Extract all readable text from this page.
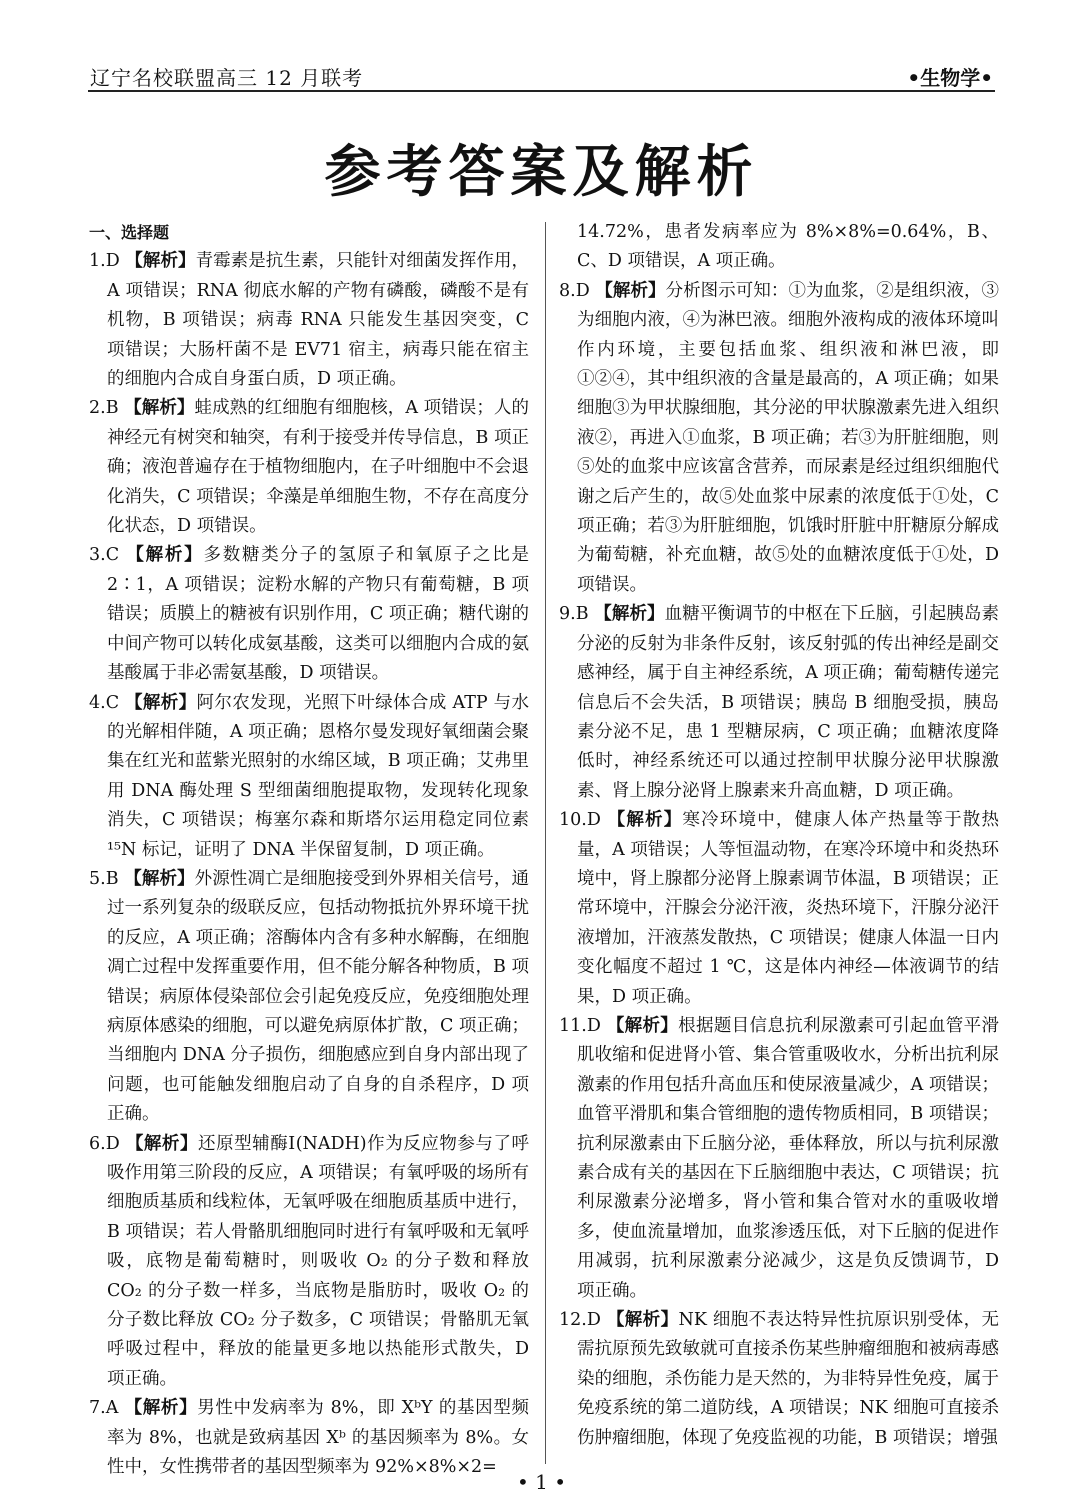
辽宁名校联盟高三 12 月联考	•生物学•
参考答案及解析
一、选择题

1.D 【解析】青霉素是抗生素，只能针对细菌发挥作用，A 项错误；RNA 彻底水解的产物有磷酸，磷酸不是有机物，B 项错误；病毒 RNA 只能发生基因突变，C 项错误；大肠杆菌不是 EV71 宿主，病毒只能在宿主的细胞内合成自身蛋白质，D 项正确。

2.B 【解析】蛙成熟的红细胞有细胞核，A 项错误；人的神经元有树突和轴突，有利于接受并传导信息，B 项正确；液泡普遍存在于植物细胞内，在子叶细胞中不会退化消失，C 项错误；伞藻是单细胞生物，不存在高度分化状态，D 项错误。

3.C 【解析】多数糖类分子的氢原子和氧原子之比是 2∶1，A 项错误；淀粉水解的产物只有葡萄糖，B 项错误；质膜上的糖被有识别作用，C 项正确；糖代谢的中间产物可以转化成氨基酸，这类可以细胞内合成的氨基酸属于非必需氨基酸，D 项错误。

4.C 【解析】阿尔农发现，光照下叶绿体合成 ATP 与水的光解相伴随，A 项正确；恩格尔曼发现好氧细菌会聚集在红光和蓝紫光照射的水绵区域，B 项正确；艾弗里用 DNA 酶处理 S 型细菌细胞提取物，发现转化现象消失，C 项错误；梅塞尔森和斯塔尔运用稳定同位素¹⁵N 标记，证明了 DNA 半保留复制，D 项正确。

5.B 【解析】外源性凋亡是细胞接受到外界相关信号，通过一系列复杂的级联反应，包括动物抵抗外界环境干扰的反应，A 项正确；溶酶体内含有多种水解酶，在细胞凋亡过程中发挥重要作用，但不能分解各种物质，B 项错误；病原体侵染部位会引起免疫反应，免疫细胞处理病原体感染的细胞，可以避免病原体扩散，C 项正确；当细胞内 DNA 分子损伤，细胞感应到自身内部出现了问题，也可能触发细胞启动了自身的自杀程序，D 项正确。

6.D 【解析】还原型辅酶Ⅰ(NADH)作为反应物参与了呼吸作用第三阶段的反应，A 项错误；有氧呼吸的场所有细胞质基质和线粒体，无氧呼吸在细胞质基质中进行，B 项错误；若人骨骼肌细胞同时进行有氧呼吸和无氧呼吸，底物是葡萄糖时，则吸收 O₂ 的分子数和释放 CO₂ 的分子数一样多，当底物是脂肪时，吸收 O₂ 的分子数比释放 CO₂ 分子数多，C 项错误；骨骼肌无氧呼吸过程中，释放的能量更多地以热能形式散失，D 项正确。

7.A 【解析】男性中发病率为 8%，即 XᵇY 的基因型频率为 8%，也就是致病基因 Xᵇ 的基因频率为 8%。女性中，女性携带者的基因型频率为 92%×8%×2=

14.72%，患者发病率应为 8%×8%=0.64%，B、C、D 项错误，A 项正确。

8.D 【解析】分析图示可知：①为血浆，②是组织液，③为细胞内液，④为淋巴液。细胞外液构成的液体环境叫作内环境，主要包括血浆、组织液和淋巴液，即①②④，其中组织液的含量是最高的，A 项正确；如果细胞③为甲状腺细胞，其分泌的甲状腺激素先进入组织液②，再进入①血浆，B 项正确；若③为肝脏细胞，则⑤处的血浆中应该富含营养，而尿素是经过组织细胞代谢之后产生的，故⑤处血浆中尿素的浓度低于①处，C 项正确；若③为肝脏细胞，饥饿时肝脏中肝糖原分解成为葡萄糖，补充血糖，故⑤处的血糖浓度低于①处，D 项错误。

9.B 【解析】血糖平衡调节的中枢在下丘脑，引起胰岛素分泌的反射为非条件反射，该反射弧的传出神经是副交感神经，属于自主神经系统，A 项正确；葡萄糖传递完信息后不会失活，B 项错误；胰岛 B 细胞受损，胰岛素分泌不足，患 1 型糖尿病，C 项正确；血糖浓度降低时，神经系统还可以通过控制甲状腺分泌甲状腺激素、肾上腺分泌肾上腺素来升高血糖，D 项正确。

10.D 【解析】寒冷环境中，健康人体产热量等于散热量，A 项错误；人等恒温动物，在寒冷环境中和炎热环境中，肾上腺都分泌肾上腺素调节体温，B 项错误；正常环境中，汗腺会分泌汗液，炎热环境下，汗腺分泌汗液增加，汗液蒸发散热，C 项错误；健康人体温一日内变化幅度不超过 1 ℃，这是体内神经—体液调节的结果，D 项正确。

11.D 【解析】根据题目信息抗利尿激素可引起血管平滑肌收缩和促进肾小管、集合管重吸收水，分析出抗利尿激素的作用包括升高血压和使尿液量减少，A 项错误；血管平滑肌和集合管细胞的遗传物质相同，B 项错误；抗利尿激素由下丘脑分泌，垂体释放，所以与抗利尿激素合成有关的基因在下丘脑细胞中表达，C 项错误；抗利尿激素分泌增多，肾小管和集合管对水的重吸收增多，使血流量增加，血浆渗透压低，对下丘脑的促进作用减弱，抗利尿激素分泌减少，这是负反馈调节，D 项正确。

12.D 【解析】NK 细胞不表达特异性抗原识别受体，无需抗原预先致敏就可直接杀伤某些肿瘤细胞和被病毒感染的细胞，杀伤能力是天然的，为非特异性免疫，属于免疫系统的第二道防线，A 项错误；NK 细胞可直接杀伤肿瘤细胞，体现了免疫监视的功能，B 项错误；增强

• 1 •
